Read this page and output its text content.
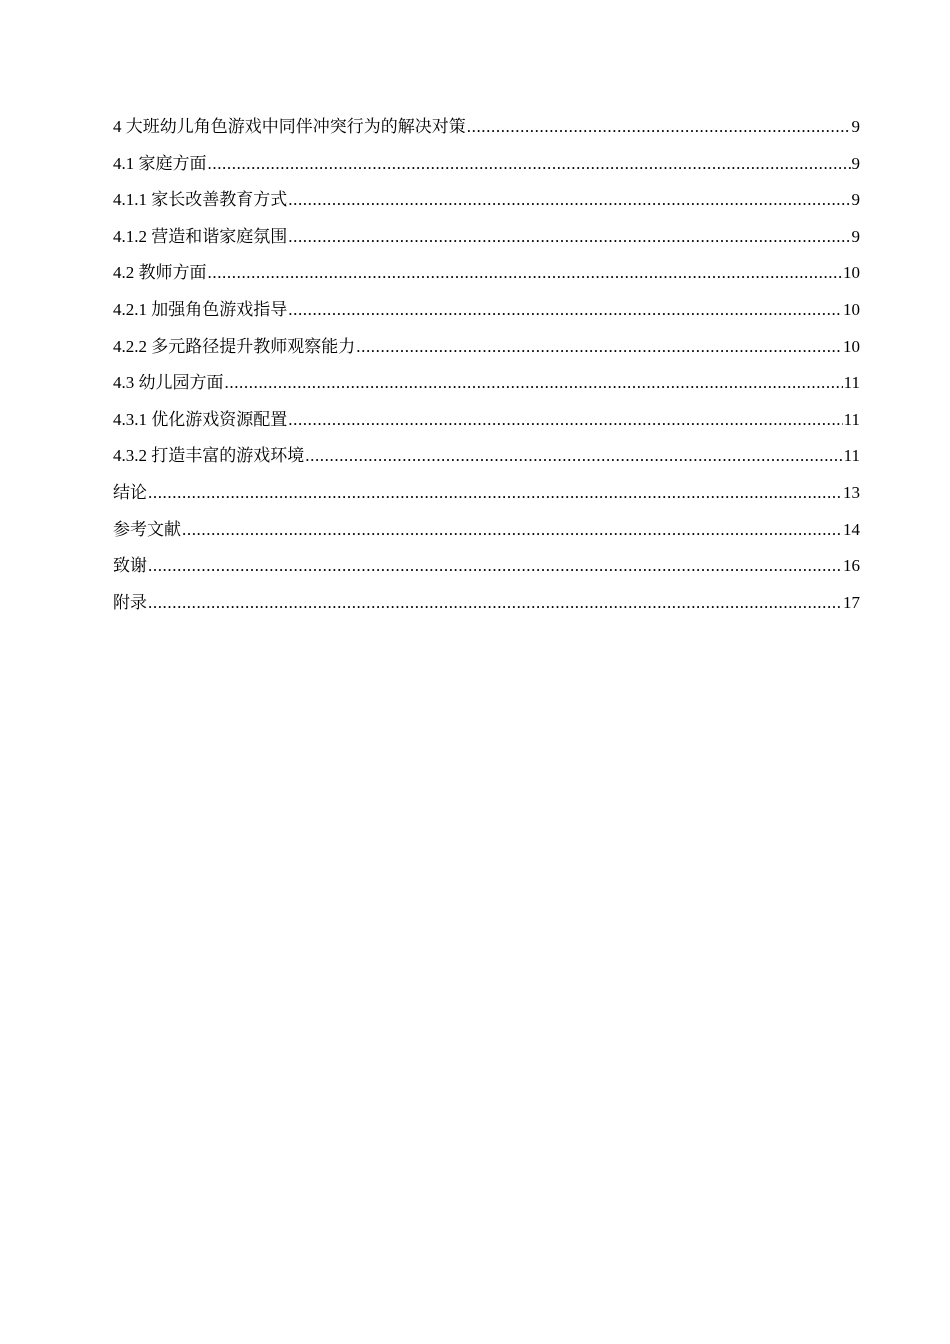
4 大班幼儿角色游戏中同伴冲突行为的解决对策 .....	9
4.1 家庭方面 .....	9
4.1.1 家长改善教育方式 .....	9
4.1.2 营造和谐家庭氛围 .....	9
4.2 教师方面 .....	10
4.2.1 加强角色游戏指导 .....	10
4.2.2 多元路径提升教师观察能力 .....	10
4.3 幼儿园方面 .....	11
4.3.1 优化游戏资源配置 .....	11
4.3.2 打造丰富的游戏环境 .....	11
结论 .....	13
参考文献 .....	14
致谢 .....	16
附录 .....	17
